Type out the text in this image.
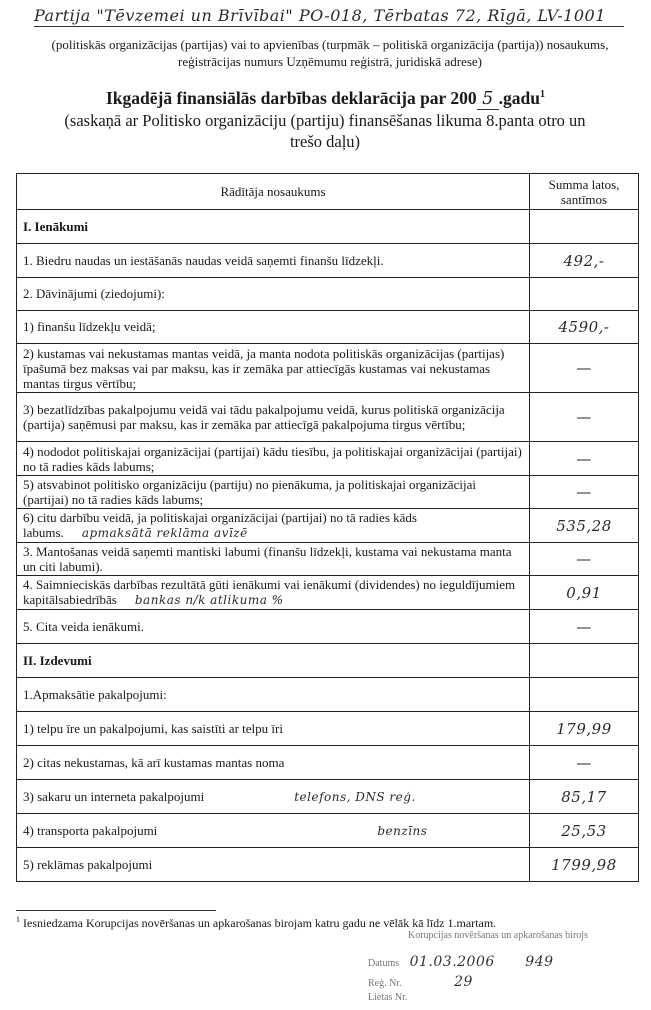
Partija "Tēvzemei un Brīvībai" PO-018, Tērbatas 72, Rīgā, LV-1001
(politiskās organizācijas (partijas) vai to apvienības (turpmāk – politiskā organizācija (partija)) nosaukums, reģistrācijas numurs Uzņēmumu reģistrā, juridiskā adrese)
Ikgadējā finansiālās darbības deklarācija par 200 5 .gadu$^1$
(saskaņā ar Politisko organizāciju (partiju) finansēšanas likuma 8.panta otro un trešo daļu)
Rādītāja nosaukums	Summa latos, santīmos
I. Ienākumi	
1. Biedru naudas un iestāšanās naudas veidā saņemti finanšu līdzekļi.	492,-
2. Dāvinājumi (ziedojumi):	
1) finanšu līdzekļu veidā;	4590,-
2) kustamas vai nekustamas mantas veidā, ja manta nodota politiskās organizācijas (partijas) īpašumā bez maksas vai par maksu, kas ir zemāka par attiecīgās kustamas vai nekustamas mantas tirgus vērtību;	—
3) bezatlīdzības pakalpojumu veidā vai tādu pakalpojumu veidā, kurus politiskā organizācija (partija) saņēmusi par maksu, kas ir zemāka par attiecīgā pakalpojuma tirgus vērtību;	—
4) nododot politiskajai organizācijai (partijai) kādu tiesību, ja politiskajai organizācijai (partijai) no tā radies kāds labums;	—
5) atsvabinot politisko organizāciju (partiju) no pienākuma, ja politiskajai organizācijai (partijai) no tā radies kāds labums;	—
6) citu darbību veidā, ja politiskajai organizācijai (partijai) no tā radies kāds labums. apmaksātā reklāma avīzē	535,28
3. Mantošanas veidā saņemti mantiski labumi (finanšu līdzekļi, kustama vai nekustama manta un citi labumi).	—
4. Saimnieciskās darbības rezultātā gūti ienākumi vai ienākumi (dividendes) no ieguldījumiem kapitālsabiedrībās bankas n/k atlikuma %	0,91
5. Cita veida ienākumi.	—
II. Izdevumi	
1.Apmaksātie pakalpojumi:	
1) telpu īre un pakalpojumi, kas saistīti ar telpu īri	179,99
2) citas nekustamas, kā arī kustamas mantas noma	—
3) sakaru un interneta pakalpojumi telefons, DNS reģ.	85,17
4) transporta pakalpojumi benzīns	25,53
5) reklāmas pakalpojumi	1799,98
$^1$ Iesniedzama Korupcijas novēršanas un apkarošanas birojam katru gadu ne vēlāk kā līdz 1.martam.
Korupcijas novēršanas un apkarošanas birojs
Datums 01.03.2006 949
Reģ. Nr.	29
Lietas Nr.
